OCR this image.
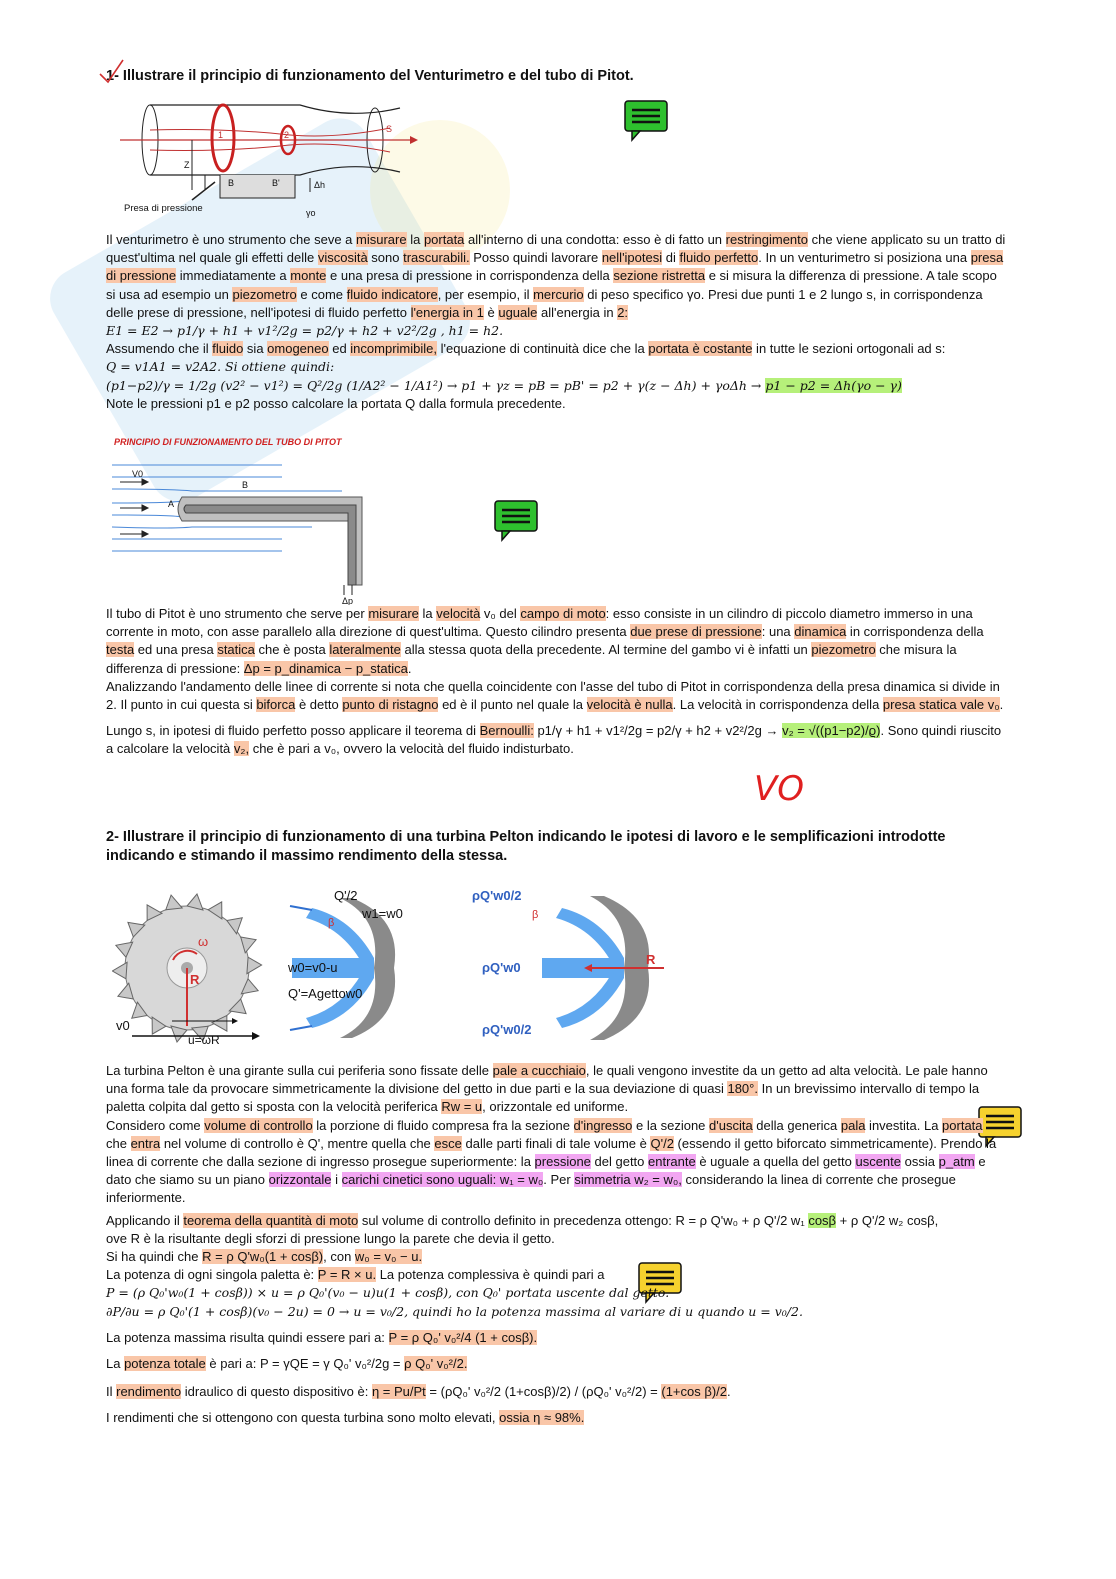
1- Illustrare il principio di funzionamento del Venturimetro e del tubo di Pitot.
1	2
S
Z
B	B'	Δh
γo
Presa di pressione

Il venturimetro è uno strumento che seve a misurare la portata all'interno di una condotta: esso è di fatto un restringimento che viene applicato su un tratto di quest'ultima nel quale gli effetti delle viscosità sono trascurabili. Posso quindi lavorare nell'ipotesi di fluido perfetto. In un venturimetro si posiziona una presa di pressione immediatamente a monte e una presa di pressione in corrispondenza della sezione ristretta e si misura la differenza di pressione. A tale scopo si usa ad esempio un piezometro e come fluido indicatore, per esempio, il mercurio di peso specifico γo. Presi due punti 1 e 2 lungo s, in corrispondenza delle prese di pressione, nell'ipotesi di fluido perfetto l'energia in 1 è uguale all'energia in 2:

E1 = E2 → p1/γ + h1 + v1²/2g = p2/γ + h2 + v2²/2g , h1 = h2.

Assumendo che il fluido sia omogeneo ed incomprimibile, l'equazione di continuità dice che la portata è costante in tutte le sezioni ortogonali ad s:

Q = v1A1 = v2A2. Si ottiene quindi:

(p1−p2)/γ = 1/2g (v2² − v1²) = Q²/2g (1/A2² − 1/A1²) → p1 + γz = pB = pB' = p2 + γ(z − Δh) + γoΔh → p1 − p2 = Δh(γo − γ)

Note le pressioni p1 e p2 posso calcolare la portata Q dalla formula precedente.

PRINCIPIO DI FUNZIONAMENTO DEL TUBO DI PITOT
V0
A
B
Δp

Il tubo di Pitot è uno strumento che serve per misurare la velocità v₀ del campo di moto: esso consiste in un cilindro di piccolo diametro immerso in una corrente in moto, con asse parallelo alla direzione di quest'ultima. Questo cilindro presenta due prese di pressione: una dinamica in corrispondenza della testa ed una presa statica che è posta lateralmente alla stessa quota della precedente. Al termine del gambo vi è infatti un piezometro che misura la differenza di pressione: Δp = p_dinamica − p_statica.

Analizzando l'andamento delle linee di corrente si nota che quella coincidente con l'asse del tubo di Pitot in corrispondenza della presa dinamica si divide in 2. Il punto in cui questa si biforca è detto punto di ristagno ed è il punto nel quale la velocità è nulla. La velocità in corrispondenza della presa statica vale v₀.

Lungo s, in ipotesi di fluido perfetto posso applicare il teorema di Bernoulli: p1/γ + h1 + v1²/2g = p2/γ + h2 + v2²/2g → v₂ = √((p1−p2)/ϱ). Sono quindi riuscito a calcolare la velocità v₂, che è pari a v₀, ovvero la velocità del fluido indisturbato.

VO
2- Illustrare il principio di funzionamento di una turbina Pelton indicando le ipotesi di lavoro e le semplificazioni introdotte indicando e stimando il massimo rendimento della stessa.
ω
R
v0
u=ωR
Q'/2
β
w1=w0
w0=v0-u
Q'=Agettow0
ρQ'w0/2
β
ρQ'w0
ρQ'w0/2
R

La turbina Pelton è una girante sulla cui periferia sono fissate delle pale a cucchiaio, le quali vengono investite da un getto ad alta velocità. Le pale hanno una forma tale da provocare simmetricamente la divisione del getto in due parti e la sua deviazione di quasi 180°. In un brevissimo intervallo di tempo la paletta colpita dal getto si sposta con la velocità periferica Rw = u, orizzontale ed uniforme.

Considero come volume di controllo la porzione di fluido compresa fra la sezione d'ingresso e la sezione d'uscita della generica pala investita. La portata che entra nel volume di controllo è Q', mentre quella che esce dalle parti finali di tale volume è Q'/2 (essendo il getto biforcato simmetricamente). Prendo la linea di corrente che dalla sezione di ingresso prosegue superiormente: la pressione del getto entrante è uguale a quella del getto uscente ossia p_atm e dato che siamo su un piano orizzontale i carichi cinetici sono uguali: w₁ = w₀. Per simmetria w₂ = w₀, considerando la linea di corrente che prosegue inferiormente.

Applicando il teorema della quantità di moto sul volume di controllo definito in precedenza ottengo: R = ρ Q'w₀ + ρ Q'/2 w₁ cosβ + ρ Q'/2 w₂ cosβ,

ove R è la risultante degli sforzi di pressione lungo la parete che devia il getto.

Si ha quindi che R = ρ Q'w₀(1 + cosβ), con w₀ = v₀ − u.

La potenza di ogni singola paletta è: P = R × u. La potenza complessiva è quindi pari a

P = (ρ Q₀'w₀(1 + cosβ)) × u = ρ Q₀'(v₀ − u)u(1 + cosβ), con Q₀' portata uscente dal getto.

∂P/∂u = ρ Q₀'(1 + cosβ)(v₀ − 2u) = 0 → u = v₀/2, quindi ho la potenza massima al variare di u quando u = v₀/2.

La potenza massima risulta quindi essere pari a: P = ρ Q₀' v₀²/4 (1 + cosβ).

La potenza totale è pari a: P = γQE = γ Q₀' v₀²/2g = ρ Q₀' v₀²/2.

Il rendimento idraulico di questo dispositivo è: η = Pu/Pt = (ρQ₀' v₀²/2 (1+cosβ)/2) / (ρQ₀' v₀²/2) = (1+cos β)/2.

I rendimenti che si ottengono con questa turbina sono molto elevati, ossia η ≈ 98%.
